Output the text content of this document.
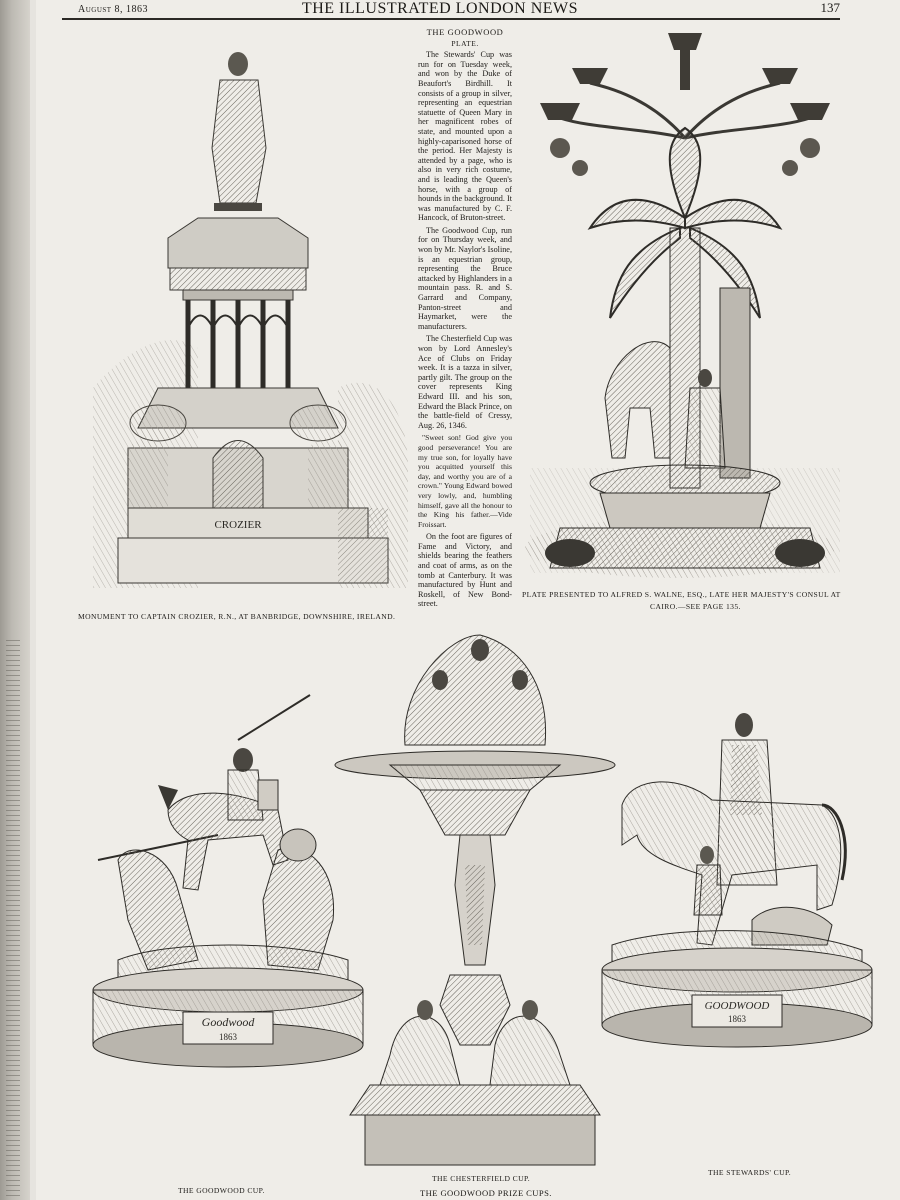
August 8, 1863	THE ILLUSTRATED LONDON NEWS	137
CROZIER
MONUMENT TO CAPTAIN CROZIER, R.N., AT BANBRIDGE, DOWNSHIRE, IRELAND.
THE GOODWOOD
PLATE.

The Stewards' Cup was run for on Tuesday week, and won by the Duke of Beaufort's Birdhill. It consists of a group in silver, representing an equestrian statuette of Queen Mary in her magnificent robes of state, and mounted upon a highly-caparisoned horse of the period. Her Majesty is attended by a page, who is also in very rich costume, and is leading the Queen's horse, with a group of hounds in the background. It was manufactured by C. F. Hancock, of Bruton-street.

The Goodwood Cup, run for on Thursday week, and won by Mr. Naylor's Isoline, is an equestrian group, representing the Bruce attacked by Highlanders in a mountain pass. R. and S. Garrard and Company, Panton-street and Haymarket, were the manufacturers.

The Chesterfield Cup was won by Lord Annesley's Ace of Clubs on Friday week. It is a tazza in silver, partly gilt. The group on the cover represents King Edward III. and his son, Edward the Black Prince, on the battle-field of Cressy, Aug. 26, 1346.

"Sweet son! God give you good perseverance! You are my true son, for loyally have you acquitted yourself this day, and worthy you are of a crown." Young Edward bowed very lowly, and, humbling himself, gave all the honour to the King his father.—Vide Froissart.

On the foot are figures of Fame and Victory, and shields bearing the feathers and coat of arms, as on the tomb at Canterbury. It was manufactured by Hunt and Roskell, of New Bond-street.

PLATE PRESENTED TO ALFRED S. WALNE, ESQ., LATE HER MAJESTY'S CONSUL AT
CAIRO.—SEE PAGE 135.
Goodwood
1863
THE GOODWOOD CUP.
THE CHESTERFIELD CUP.
THE GOODWOOD PRIZE CUPS.
GOODWOOD
1863
THE STEWARDS' CUP.
